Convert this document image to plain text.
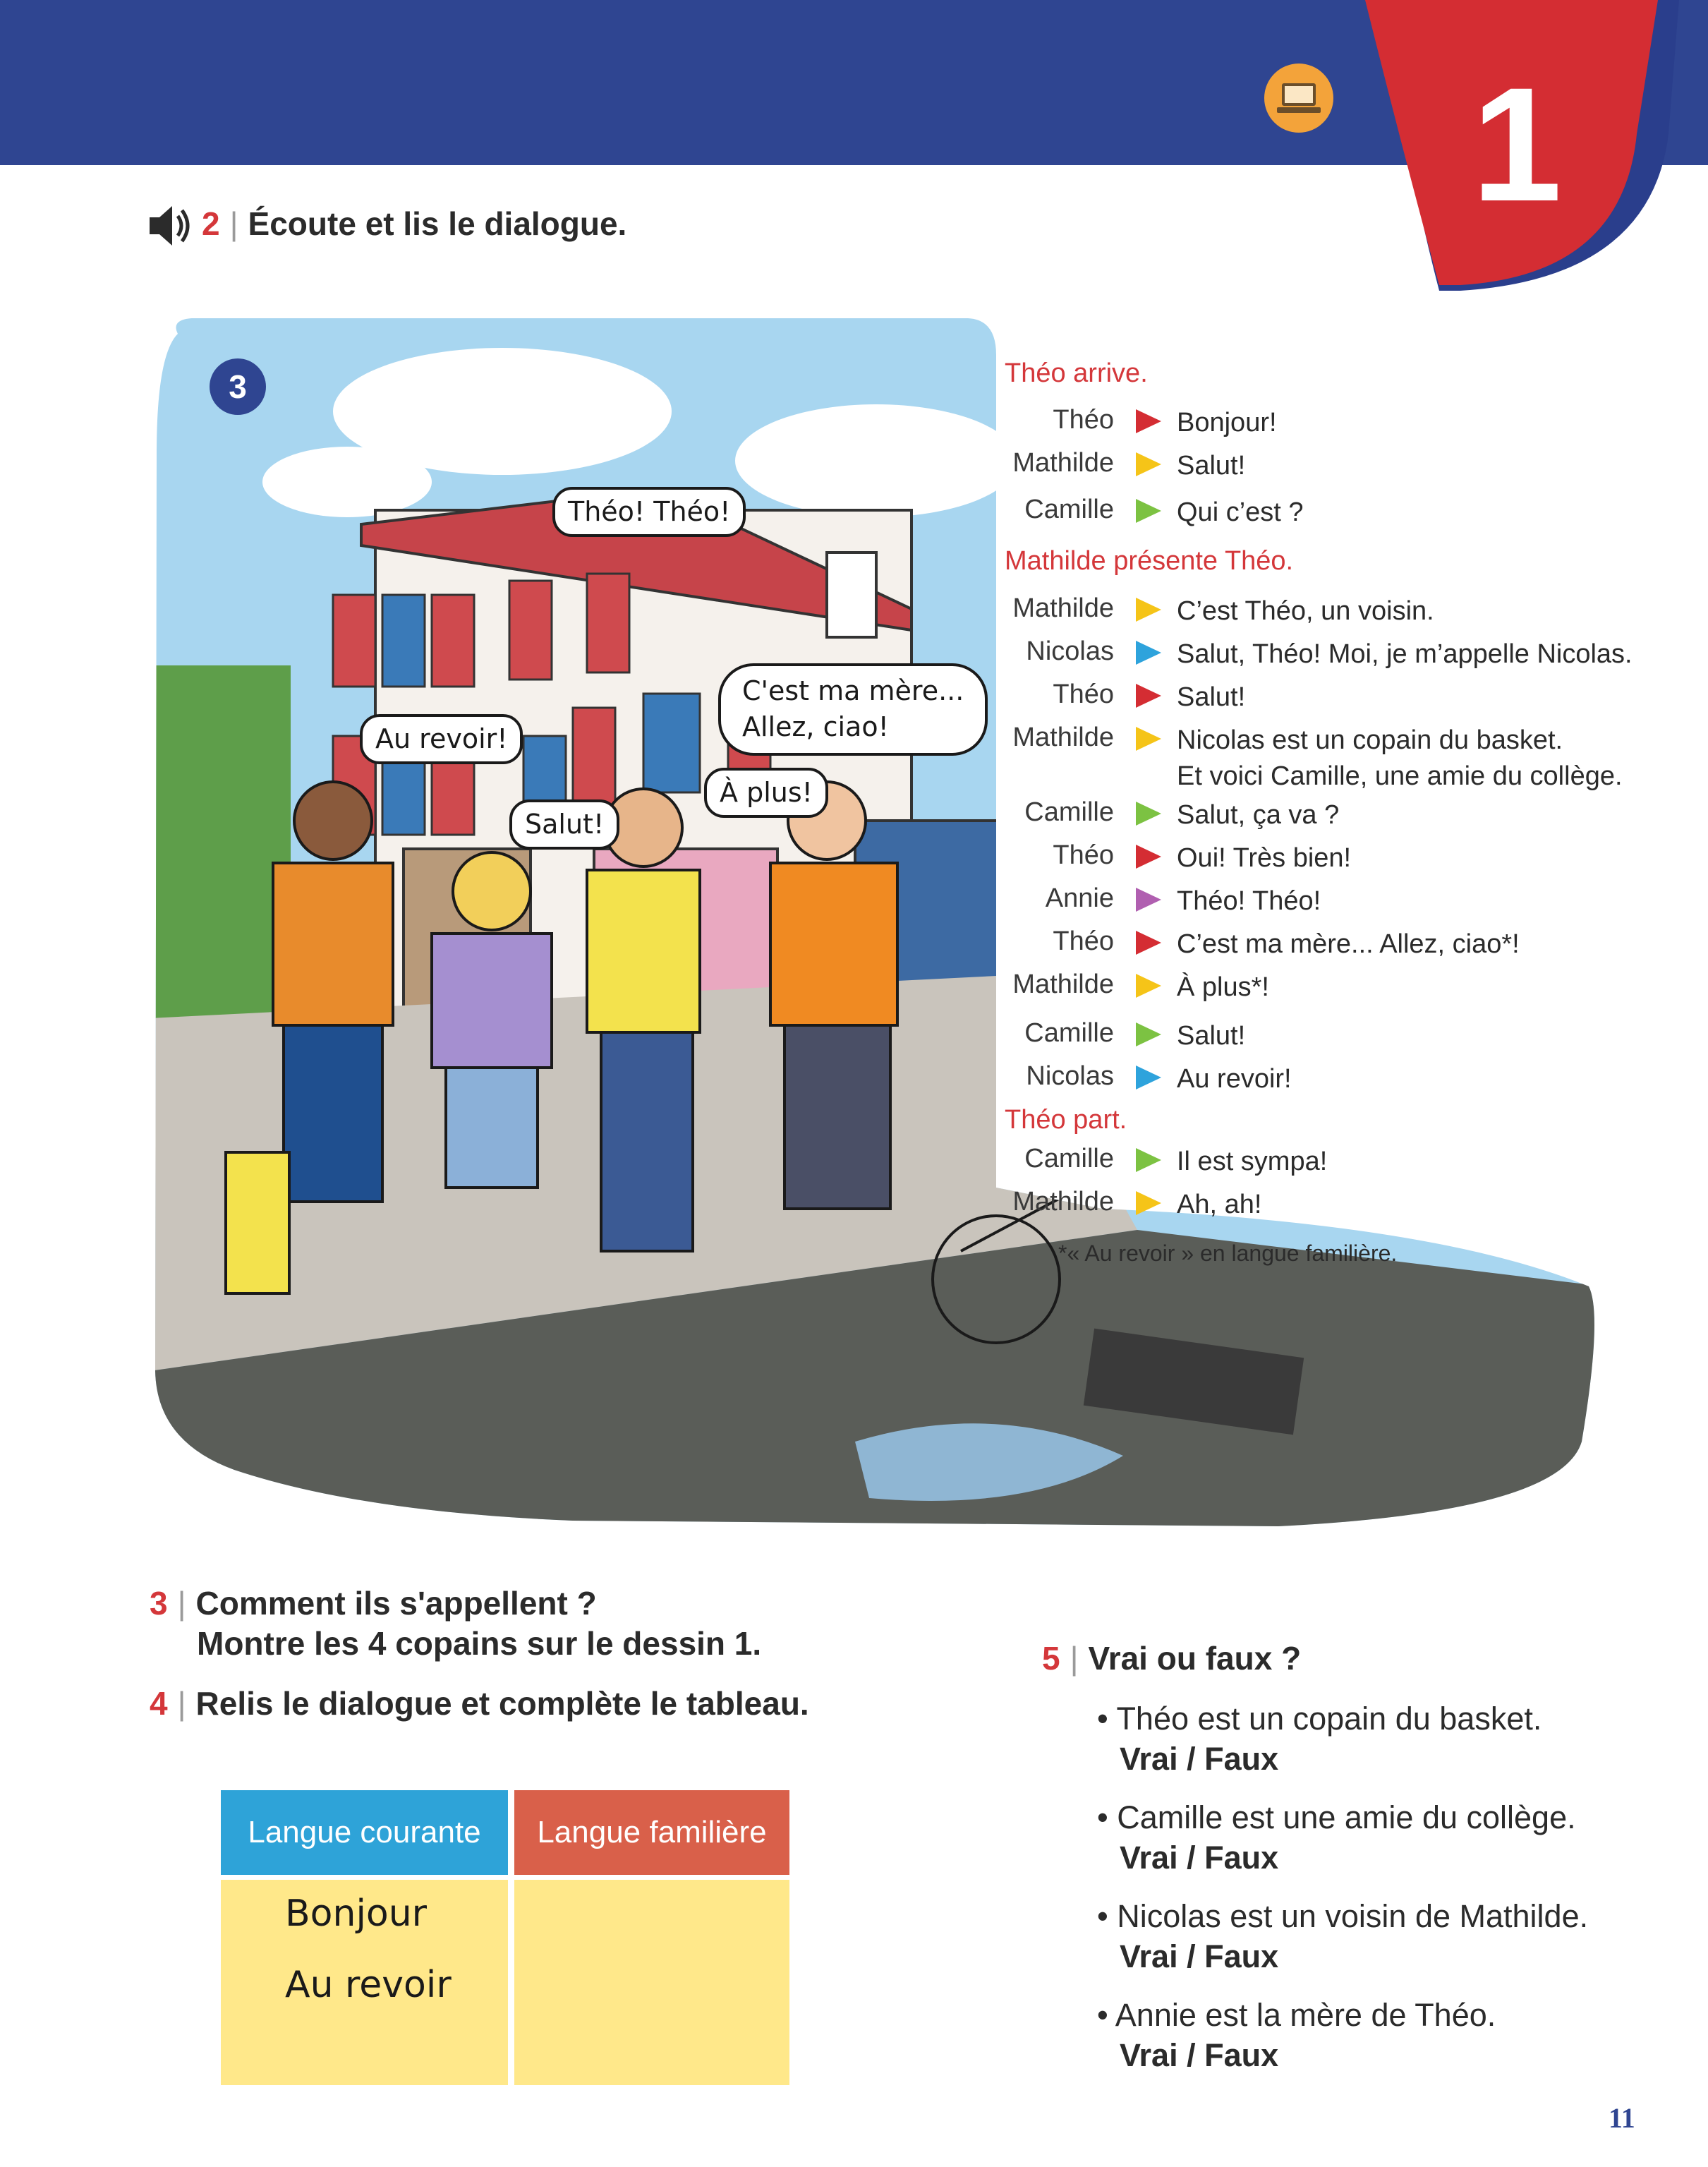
1
2 | Écoute et lis le dialogue.
3
Théo! Théo!
C'est ma mère...
Allez, ciao!
Au revoir!
À plus!
Salut!
Théo arrive.
Théo Bonjour!
Mathilde Salut!
Camille Qui c’est ?
Mathilde présente Théo.
Mathilde C’est Théo, un voisin.
Nicolas Salut, Théo! Moi, je m’appelle Nicolas.
Théo Salut!
Mathilde Nicolas est un copain du basket.
Et voici Camille, une amie du collège.
Camille Salut, ça va ?
Théo Oui! Très bien!
Annie Théo! Théo!
Théo C’est ma mère... Allez, ciao*!
Mathilde À plus*!
Camille Salut!
Nicolas Au revoir!
Théo part.
Camille Il est sympa!
Mathilde Ah, ah!
*« Au revoir » en langue familière.
3 | Comment ils s'appellent ?
Montre les 4 copains sur le dessin 1.
4 | Relis le dialogue et complète le tableau.
Langue courante	Langue familière
Bonjour
Au revoir
5 | Vrai ou faux ?
• Théo est un copain du basket.
Vrai / Faux
• Camille est une amie du collège.
Vrai / Faux
• Nicolas est un voisin de Mathilde.
Vrai / Faux
• Annie est la mère de Théo.
Vrai / Faux
11
